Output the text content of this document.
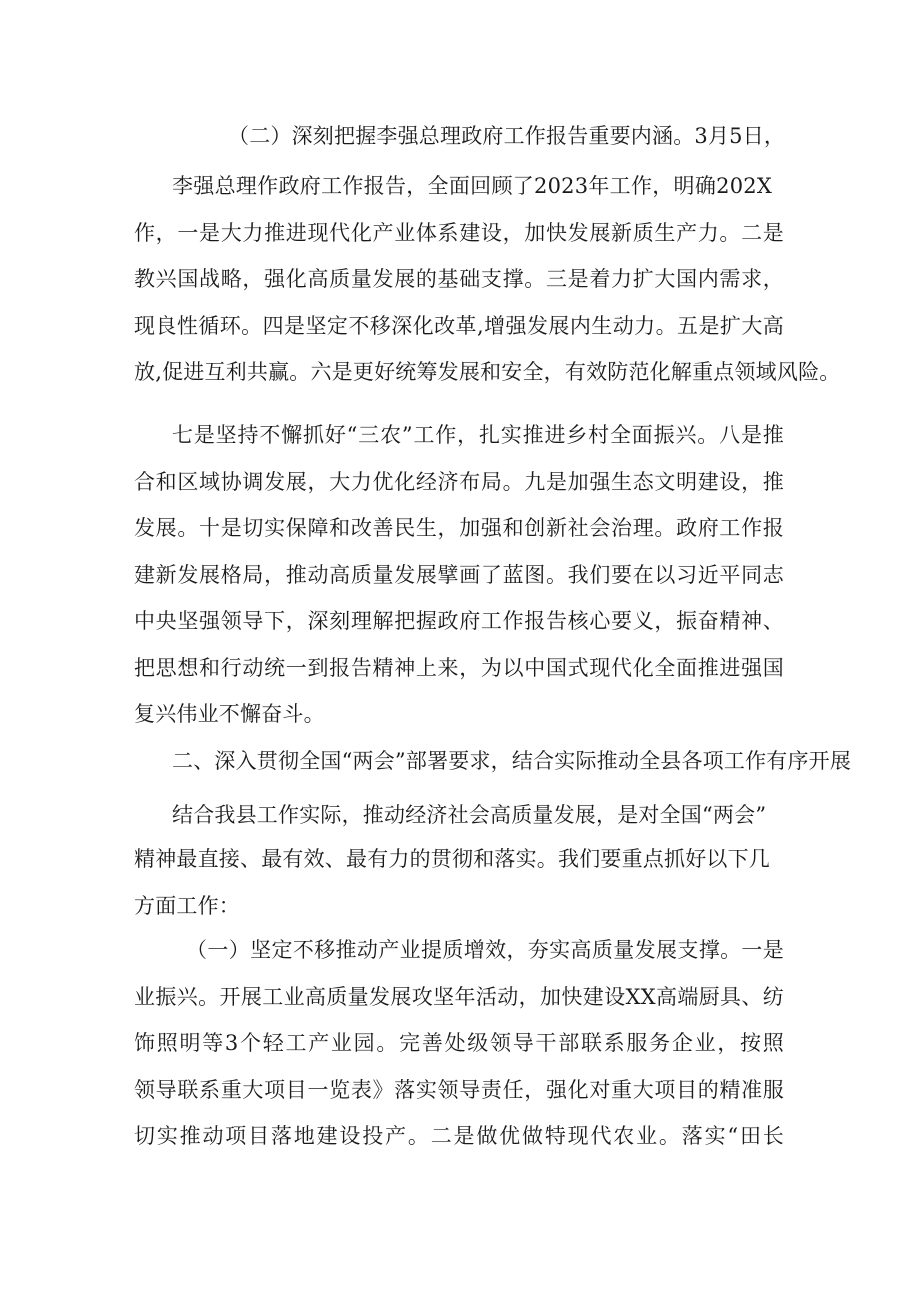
（二）深刻把握李强总理政府工作报告重要内涵。3月5日，
李强总理作政府工作报告，全面回顾了2023年工作，明确202X
作，一是大力推进现代化产业体系建设，加快发展新质生产力。二是
教兴国战略，强化高质量发展的基础支撑。三是着力扩大国内需求，
现良性循环。四是坚定不移深化改革,增强发展内生动力。五是扩大高
放,促进互利共赢。六是更好统筹发展和安全，有效防范化解重点领域风险。
七是坚持不懈抓好“三农”工作，扎实推进乡村全面振兴。八是推
合和区域协调发展，大力优化经济布局。九是加强生态文明建设，推
发展。十是切实保障和改善民生，加强和创新社会治理。政府工作报
建新发展格局，推动高质量发展擘画了蓝图。我们要在以习近平同志
中央坚强领导下，深刻理解把握政府工作报告核心要义，振奋精神、
把思想和行动统一到报告精神上来，为以中国式现代化全面推进强国
复兴伟业不懈奋斗。
二、深入贯彻全国“两会”部署要求，结合实际推动全县各项工作有序开展
结合我县工作实际，推动经济社会高质量发展，是对全国“两会”
精神最直接、最有效、最有力的贯彻和落实。我们要重点抓好以下几
方面工作：
（一）坚定不移推动产业提质增效，夯实高质量发展支撑。一是
业振兴。开展工业高质量发展攻坚年活动，加快建设XX高端厨具、纺
饰照明等3个轻工产业园。完善处级领导干部联系服务企业，按照
领导联系重大项目一览表》落实领导责任，强化对重大项目的精准服
切实推动项目落地建设投产。二是做优做特现代农业。落实“田长
